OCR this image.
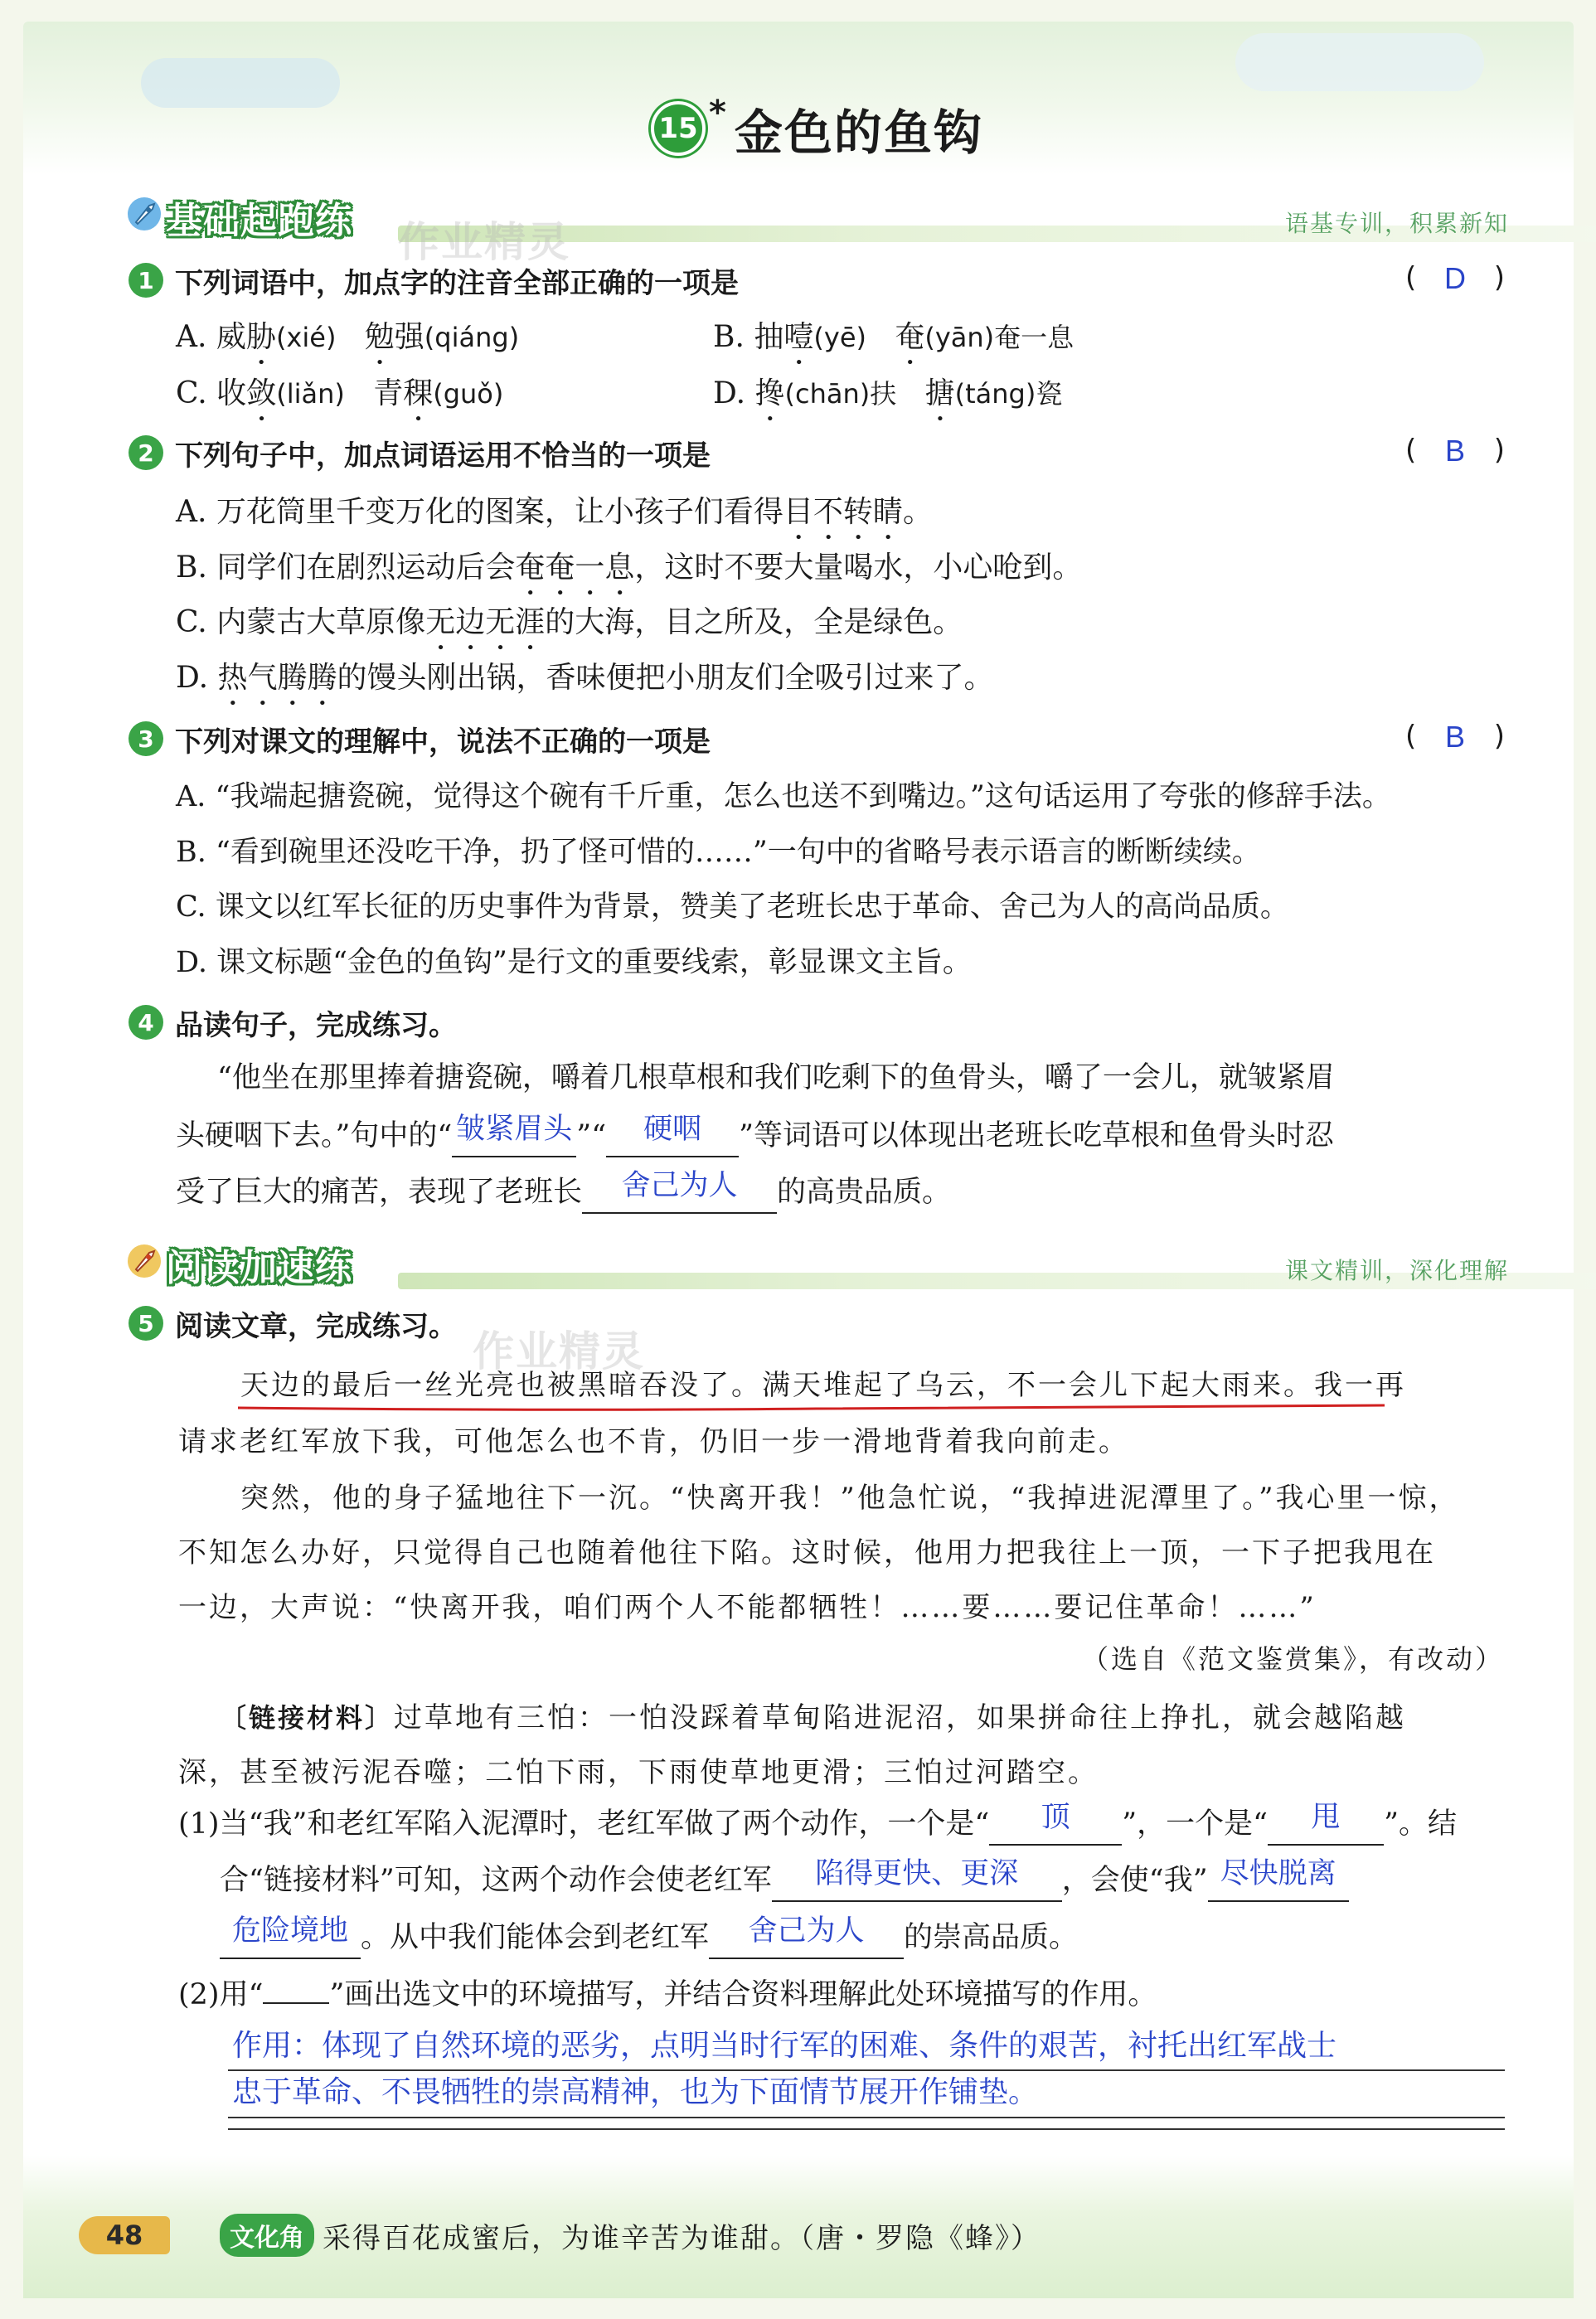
15 * 金色的鱼钩
基础起跑练	语基专训，积累新知
作业精灵
1 下列词语中，加点字的注音全部正确的一项是	( D )
A. 威胁(xié) 勉强(qiáng)	B. 抽噎(yē) 奄(yān)奄一息
C. 收敛(liǎn) 青稞(guǒ)	D. 搀(chān)扶 搪(táng)瓷
2 下列句子中，加点词语运用不恰当的一项是	( B )
A. 万花筒里千变万化的图案，让小孩子们看得目不转睛。
B. 同学们在剧烈运动后会奄奄一息，这时不要大量喝水，小心呛到。
C. 内蒙古大草原像无边无涯的大海，目之所及，全是绿色。
D. 热气腾腾的馒头刚出锅，香味便把小朋友们全吸引过来了。
3 下列对课文的理解中，说法不正确的一项是	( B )
A. “我端起搪瓷碗，觉得这个碗有千斤重，怎么也送不到嘴边。”这句话运用了夸张的修辞手法。
B. “看到碗里还没吃干净，扔了怪可惜的……”一句中的省略号表示语言的断断续续。
C. 课文以红军长征的历史事件为背景，赞美了老班长忠于革命、舍己为人的高尚品质。
D. 课文标题“金色的鱼钩”是行文的重要线索，彰显课文主旨。
4 品读句子，完成练习。
“他坐在那里捧着搪瓷碗，嚼着几根草根和我们吃剩下的鱼骨头，嚼了一会儿，就皱紧眉
头硬咽下去。”句中的“ 皱紧眉头 ”“ 硬咽 ”等词语可以体现出老班长吃草根和鱼骨头时忍
受了巨大的痛苦，表现了老班长 舍己为人 的高贵品质。
阅读加速练	课文精训，深化理解
5 阅读文章，完成练习。
作业精灵
天边的最后一丝光亮也被黑暗吞没了。满天堆起了乌云，不一会儿下起大雨来。我一再
请求老红军放下我，可他怎么也不肯，仍旧一步一滑地背着我向前走。
突然，他的身子猛地往下一沉。“快离开我！”他急忙说，“我掉进泥潭里了。”我心里一惊，
不知怎么办好，只觉得自己也随着他往下陷。这时候，他用力把我往上一顶，一下子把我甩在
一边，大声说：“快离开我，咱们两个人不能都牺牲！……要……要记住革命！……”
（选自《范文鉴赏集》，有改动）
〔链接材料〕过草地有三怕：一怕没踩着草甸陷进泥沼，如果拼命往上挣扎，就会越陷越
深，甚至被污泥吞噬；二怕下雨，下雨使草地更滑；三怕过河踏空。
(1)当“我”和老红军陷入泥潭时，老红军做了两个动作，一个是“ 顶 ”，一个是“ 甩 ”。结
合“链接材料”可知，这两个动作会使老红军 陷得更快、更深 ，会使“我” 尽快脱离
危险境地 。从中我们能体会到老红军 舍己为人 的崇高品质。
(2)用“ ”画出选文中的环境描写，并结合资料理解此处环境描写的作用。
作用：体现了自然环境的恶劣，点明当时行军的困难、条件的艰苦，衬托出红军战士
忠于革命、不畏牺牲的崇高精神，也为下面情节展开作铺垫。
48	文化角 采得百花成蜜后，为谁辛苦为谁甜。（唐・罗隐《蜂》）
